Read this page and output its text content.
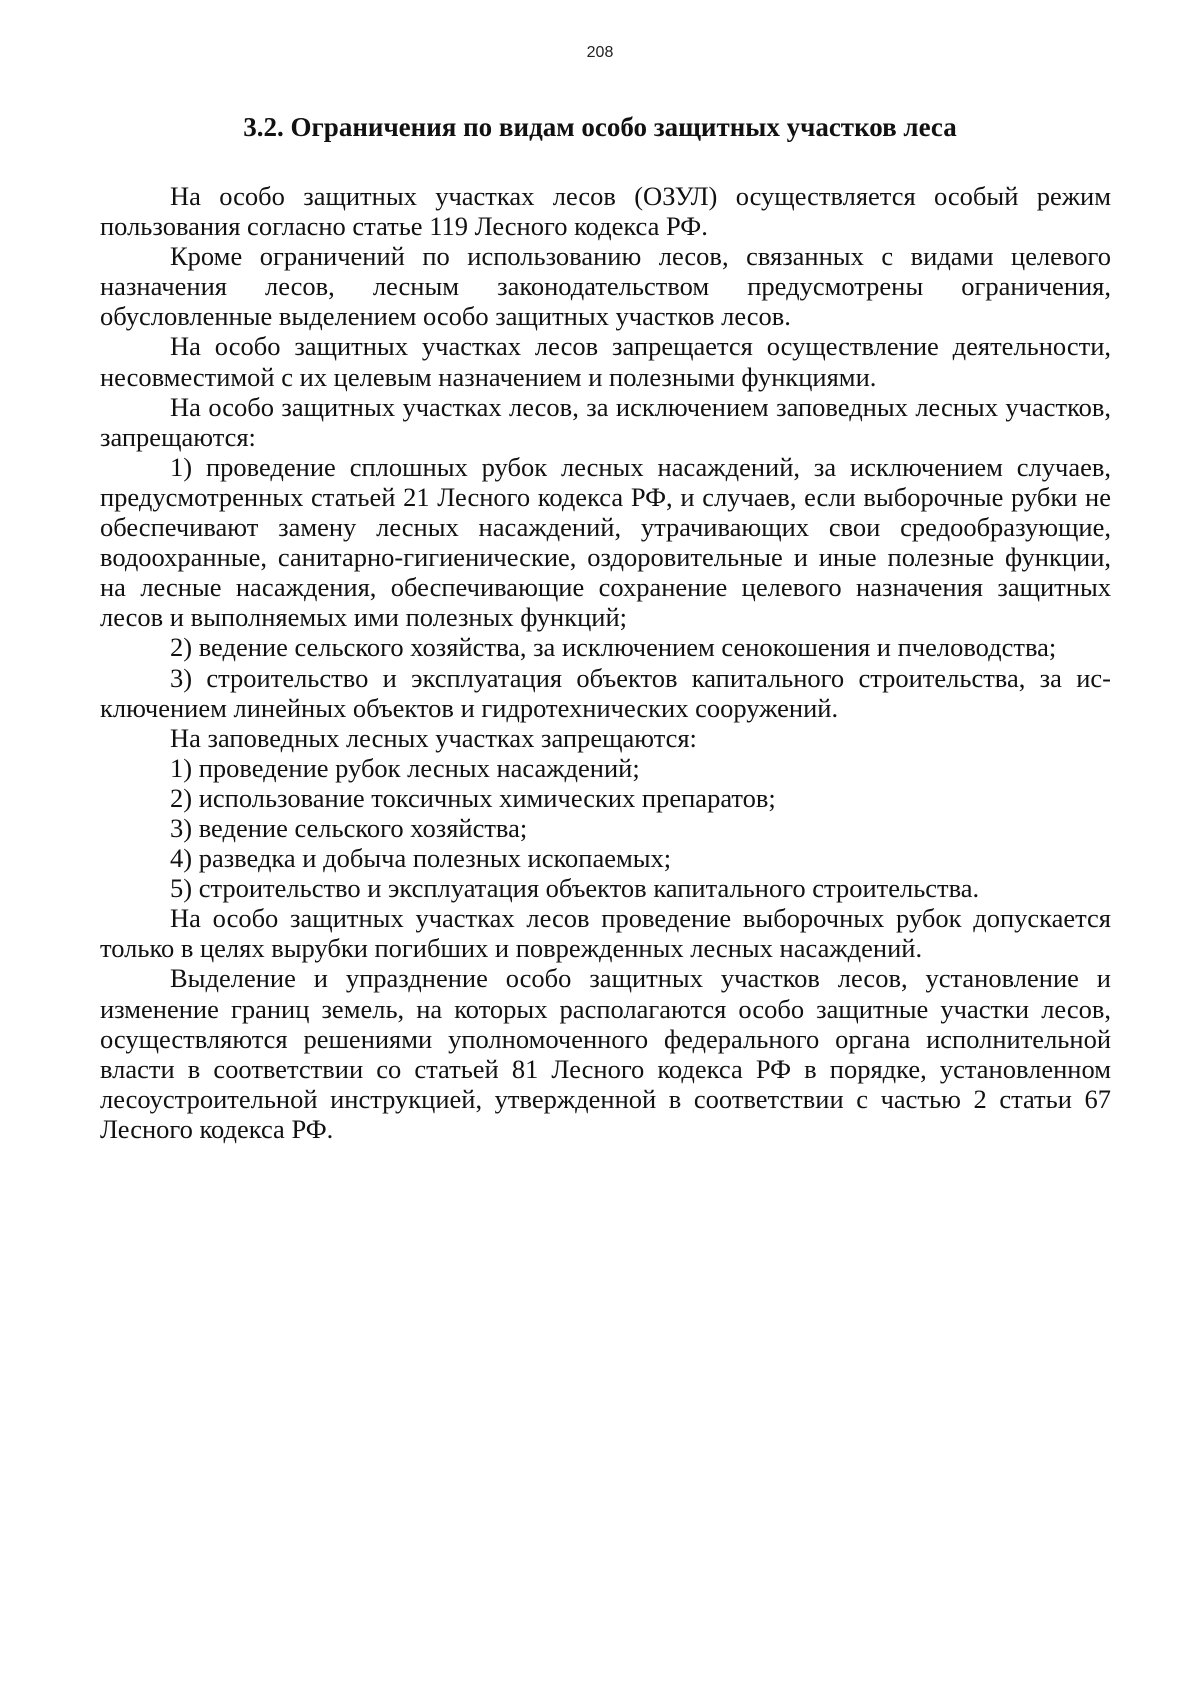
208
3.2. Ограничения по видам особо защитных участков леса

На особо защитных участках лесов (ОЗУЛ) осуществляется особый режим пользования согласно статье 119 Лесного кодекса РФ.

Кроме ограничений по использованию лесов, связанных с видами целевого назначения лесов, лесным законодательством предусмотрены ограничения, обусловленные выделением особо защитных участков лесов.

На особо защитных участках лесов запрещается осуществление деятельности, несовместимой с их целевым назначением и полезными функциями.

На особо защитных участках лесов, за исключением заповедных лесных участков, запрещаются:

1) проведение сплошных рубок лесных насаждений, за исключением случаев, предусмотренных статьей 21 Лесного кодекса РФ, и случаев, если выборочные рубки не обеспечивают замену лесных насаждений, утрачивающих свои средообразующие, водоохранные, санитарно-гигиенические, оздоровительные и иные полезные функции, на лесные насаждения, обеспечивающие сохранение целевого назначения защитных лесов и выполняемых ими полезных функций;

2) ведение сельского хозяйства, за исключением сенокошения и пчеловодства;

3) строительство и эксплуатация объектов капитального строительства, за исключением линейных объектов и гидротехнических сооружений.

На заповедных лесных участках запрещаются:

1) проведение рубок лесных насаждений;

2) использование токсичных химических препаратов;

3) ведение сельского хозяйства;

4) разведка и добыча полезных ископаемых;

5) строительство и эксплуатация объектов капитального строительства.

На особо защитных участках лесов проведение выборочных рубок допускается только в целях вырубки погибших и поврежденных лесных насаждений.

Выделение и упразднение особо защитных участков лесов, установление и изменение границ земель, на которых располагаются особо защитные участки лесов, осуществляются решениями уполномоченного федерального органа исполнительной власти в соответствии со статьей 81 Лесного кодекса РФ в порядке, установленном лесоустроительной инструкцией, утвержденной в соответствии с частью 2 статьи 67 Лесного кодекса РФ.
